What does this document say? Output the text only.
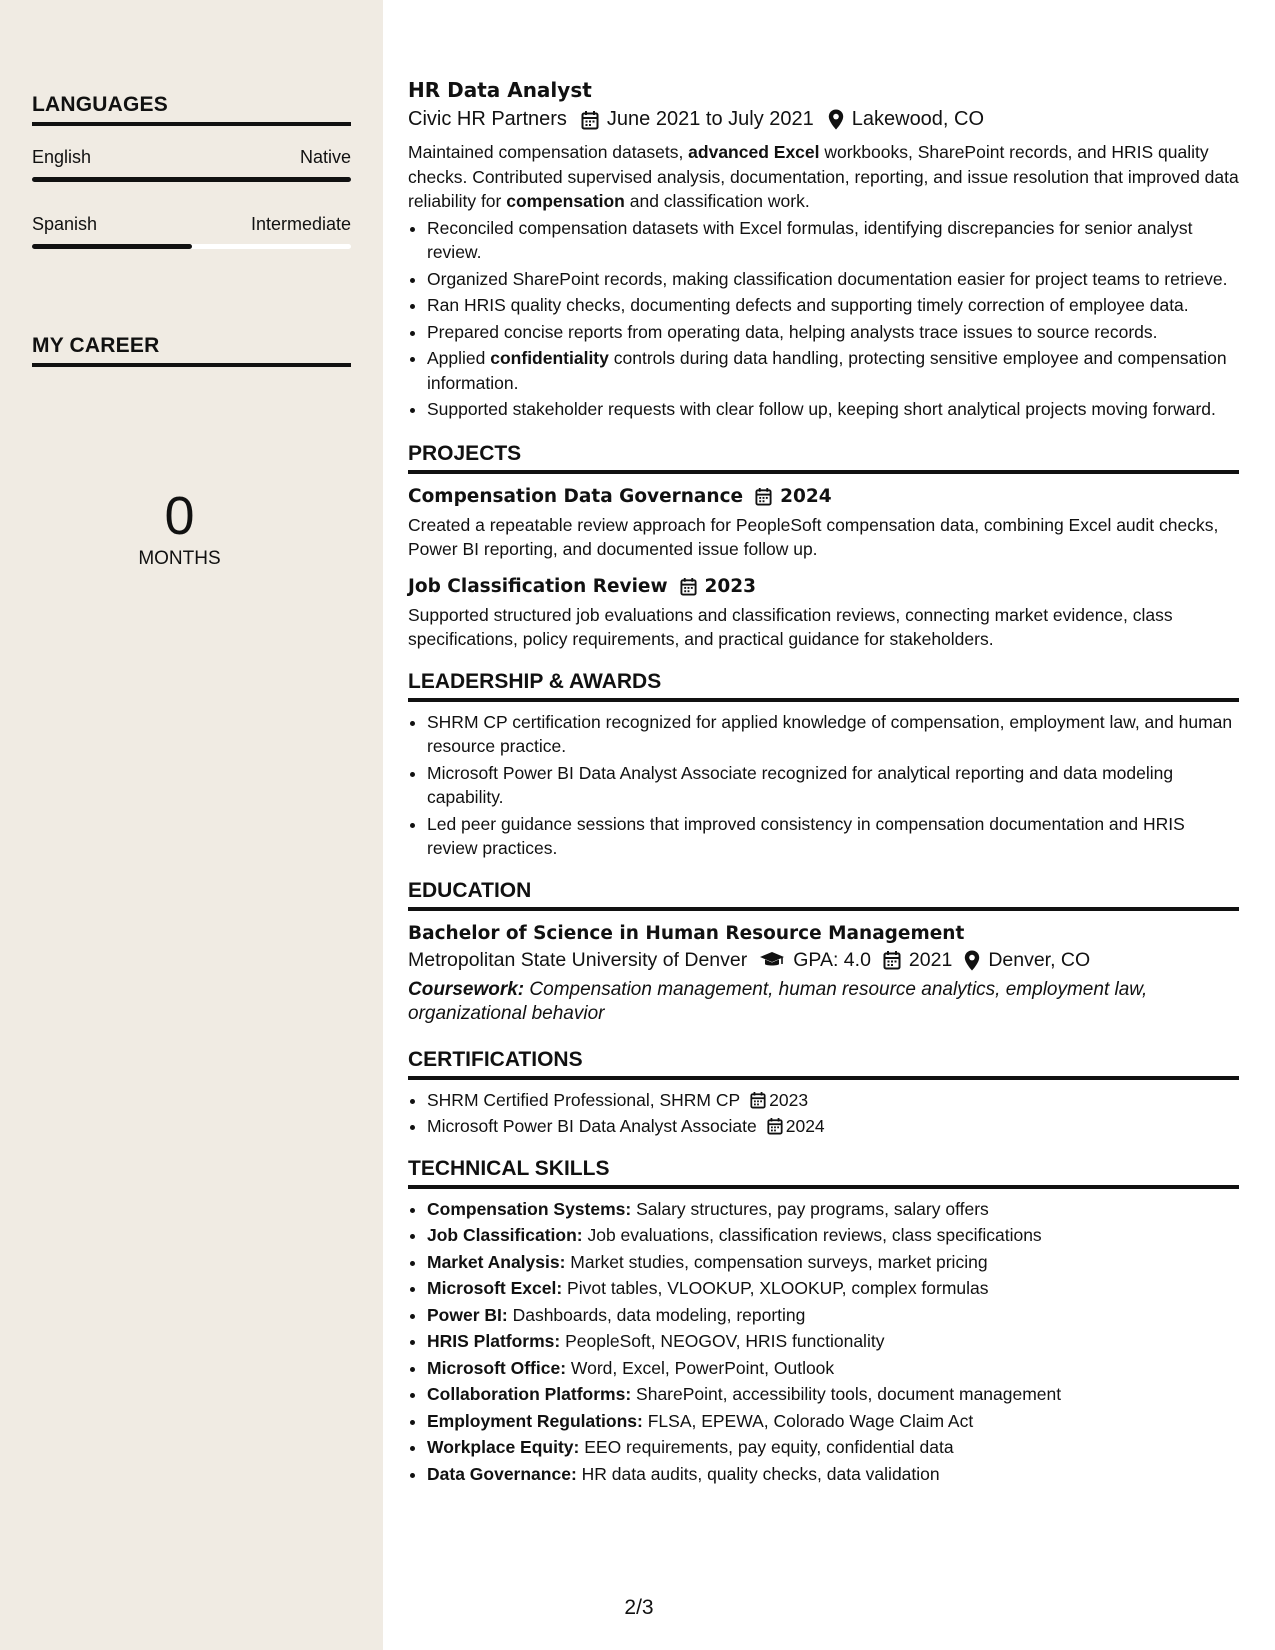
LANGUAGES
English	Native
Spanish	Intermediate
MY CAREER
0
MONTHS
HR Data Analyst
Civic HR Partners June 2021 to July 2021 Lakewood, CO
Maintained compensation datasets, advanced Excel workbooks, SharePoint records, and HRIS quality checks. Contributed supervised analysis, documentation, reporting, and issue resolution that improved data reliability for compensation and classification work.
• Reconciled compensation datasets with Excel formulas, identifying discrepancies for senior analyst review.
• Organized SharePoint records, making classification documentation easier for project teams to retrieve.
• Ran HRIS quality checks, documenting defects and supporting timely correction of employee data.
• Prepared concise reports from operating data, helping analysts trace issues to source records.
• Applied confidentiality controls during data handling, protecting sensitive employee and compensation information.
• Supported stakeholder requests with clear follow up, keeping short analytical projects moving forward.
PROJECTS
Compensation Data Governance 2024
Created a repeatable review approach for PeopleSoft compensation data, combining Excel audit checks, Power BI reporting, and documented issue follow up.
Job Classification Review 2023
Supported structured job evaluations and classification reviews, connecting market evidence, class specifications, policy requirements, and practical guidance for stakeholders.
LEADERSHIP & AWARDS
• SHRM CP certification recognized for applied knowledge of compensation, employment law, and human resource practice.
• Microsoft Power BI Data Analyst Associate recognized for analytical reporting and data modeling capability.
• Led peer guidance sessions that improved consistency in compensation documentation and HRIS review practices.
EDUCATION
Bachelor of Science in Human Resource Management
Metropolitan State University of Denver GPA: 4.0 2021 Denver, CO
Coursework: Compensation management, human resource analytics, employment law, organizational behavior
CERTIFICATIONS
• SHRM Certified Professional, SHRM CP 2023
• Microsoft Power BI Data Analyst Associate 2024
TECHNICAL SKILLS
• Compensation Systems: Salary structures, pay programs, salary offers
• Job Classification: Job evaluations, classification reviews, class specifications
• Market Analysis: Market studies, compensation surveys, market pricing
• Microsoft Excel: Pivot tables, VLOOKUP, XLOOKUP, complex formulas
• Power BI: Dashboards, data modeling, reporting
• HRIS Platforms: PeopleSoft, NEOGOV, HRIS functionality
• Microsoft Office: Word, Excel, PowerPoint, Outlook
• Collaboration Platforms: SharePoint, accessibility tools, document management
• Employment Regulations: FLSA, EPEWA, Colorado Wage Claim Act
• Workplace Equity: EEO requirements, pay equity, confidential data
• Data Governance: HR data audits, quality checks, data validation
2/3
